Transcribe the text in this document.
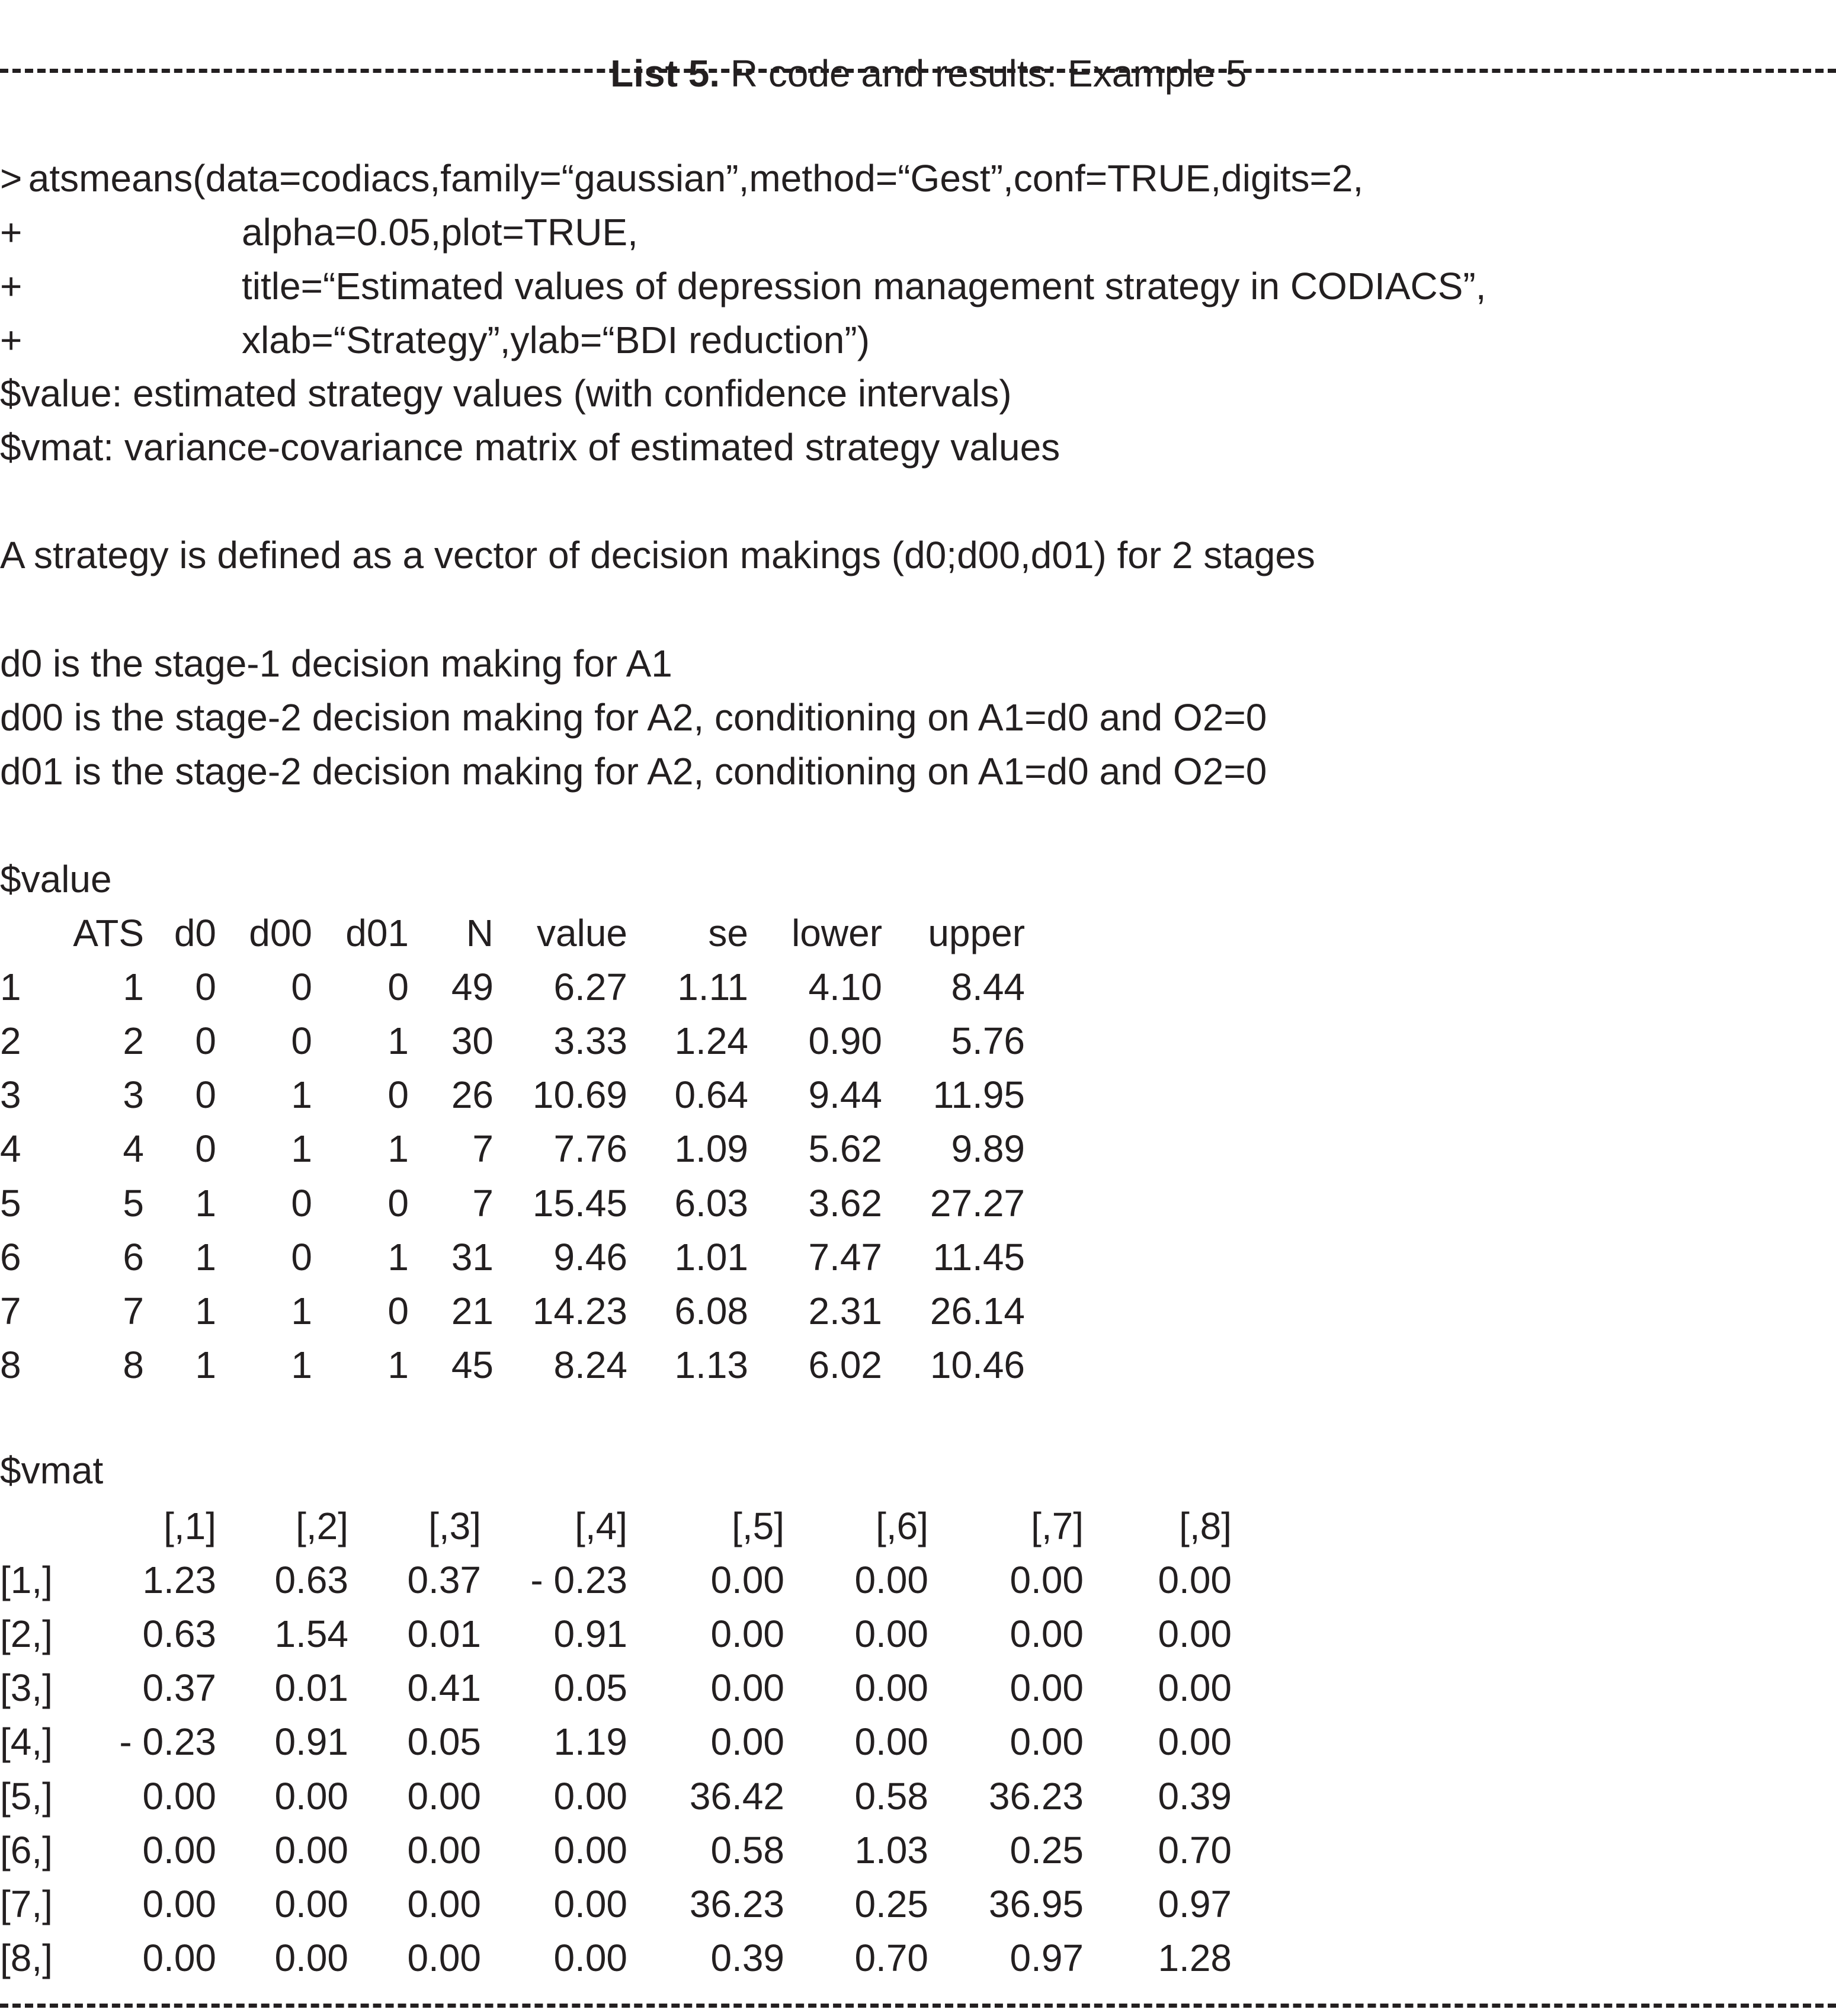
List 5. R code and results: Example 5

>
atsmeans(data=codiacs,family=“gaussian”,method=“Gest”,conf=TRUE,digits=2,

+	alpha=0.05,plot=TRUE,

+	title=“Estimated values of depression management strategy in CODIACS”,

+	xlab=“Strategy”,ylab=“BDI reduction”)

$value: estimated strategy values (with confidence intervals)
$vmat: variance-covariance matrix of estimated strategy values
A strategy is defined as a vector of decision makings (d0;d00,d01) for 2 stages
d0 is the stage-1 decision making for A1
d00 is the stage-2 decision making for A2, conditioning on A1=d0 and O2=0
d01 is the stage-2 decision making for A2, conditioning on A1=d0 and O2=0
$value
ATS d0 d00 d01 N value se lower upper
1	1 0 0 0 49 6.27 1.11 4.10 8.44
2	2 0 0 1 30 3.33 1.24 0.90 5.76
3	3 0 1 0 26 10.69 0.64 9.44 11.95
4	4 0 1 1 7 7.76 1.09 5.62 9.89
5	5 1 0 0 7 15.45 6.03 3.62 27.27
6	6 1 0 1 31 9.46 1.01 7.47 11.45
7	7 1 1 0 21 14.23 6.08 2.31 26.14
8	8 1 1 1 45 8.24 1.13 6.02 10.46
$vmat
[,1] [,2] [,3] [,4]	[,5] [,6]	[,7]	[,8]
[1,] 1.23 0.63 0.37 - 0.23 0.00 0.00 0.00 0.00
[2,] 0.63 1.54 0.01 0.91 0.00 0.00 0.00 0.00
[3,] 0.37 0.01 0.41 0.05 0.00 0.00 0.00 0.00
[4,] - 0.23 0.91 0.05 1.19 0.00 0.00 0.00 0.00
[5,] 0.00 0.00 0.00 0.00 36.42 0.58 36.23 0.39
[6,] 0.00 0.00 0.00 0.00 0.58 1.03 0.25 0.70
[7,] 0.00 0.00 0.00 0.00 36.23 0.25 36.95 0.97
[8,] 0.00 0.00 0.00 0.00 0.39 0.70 0.97 1.28
